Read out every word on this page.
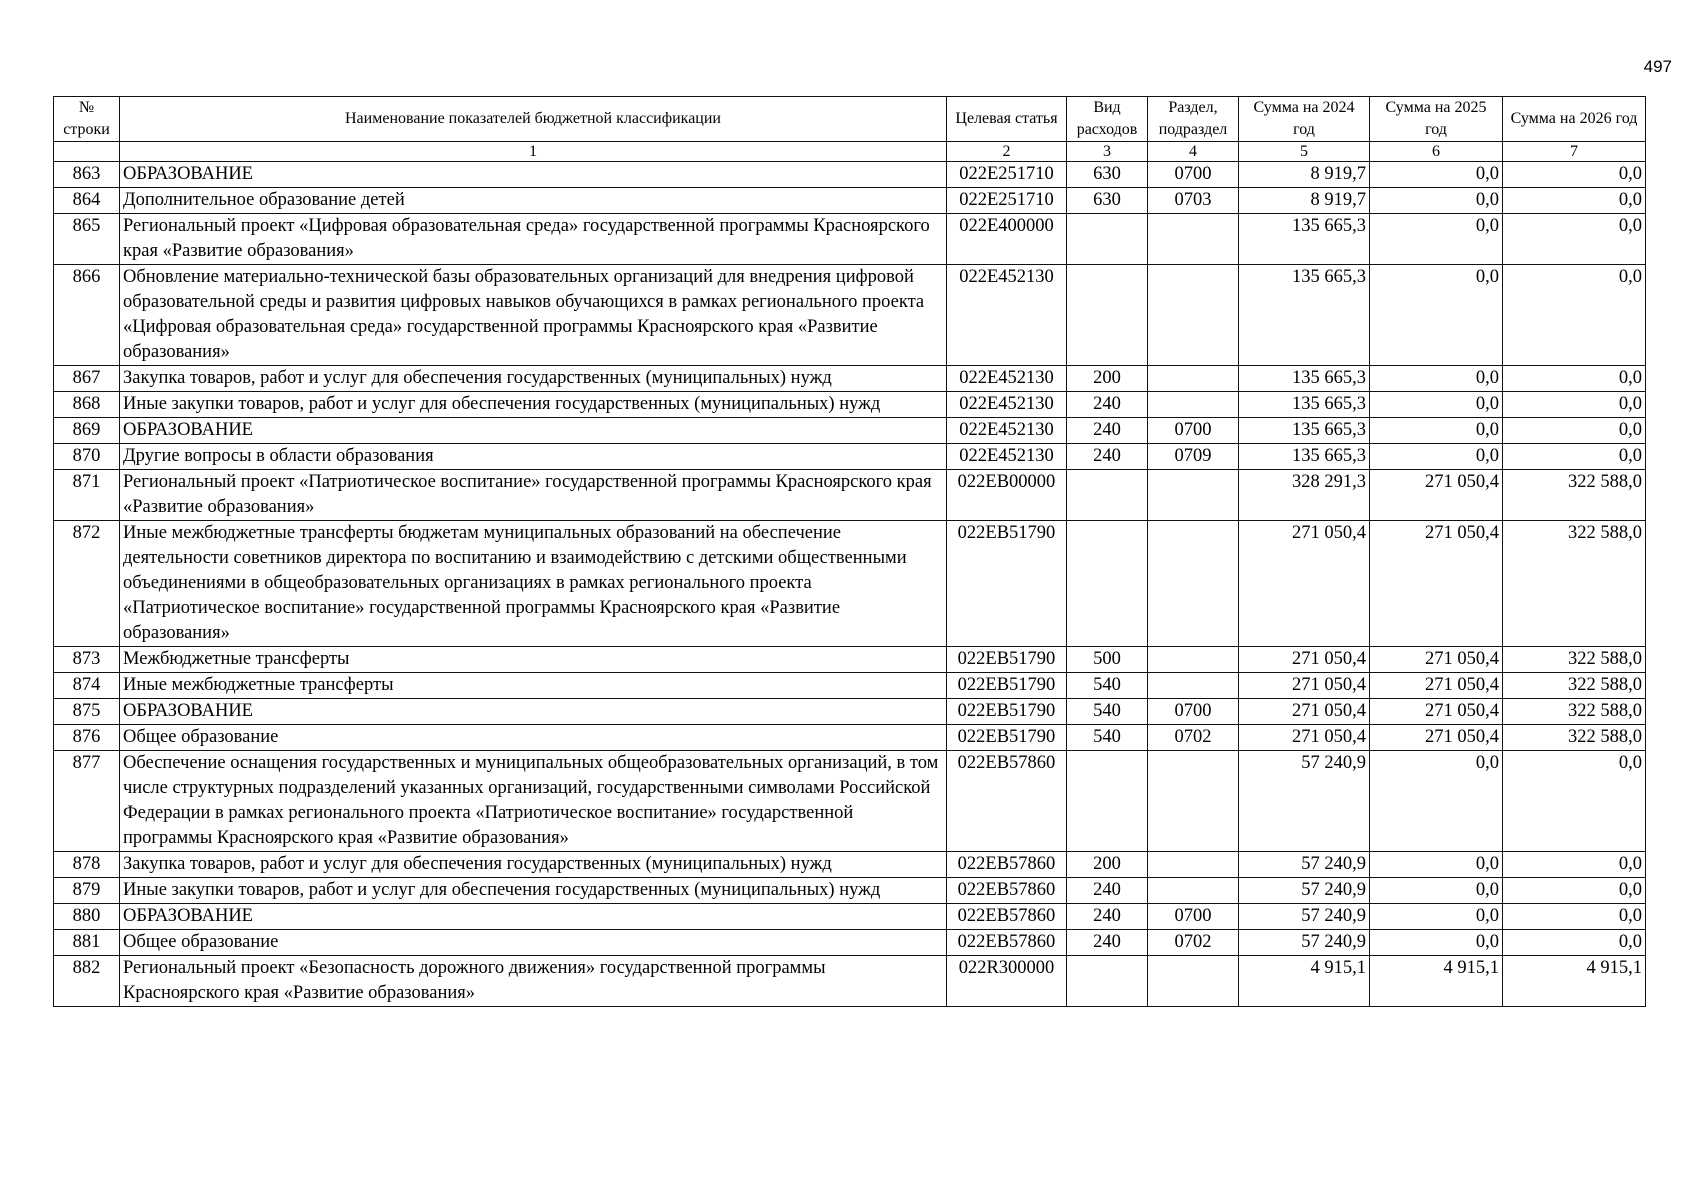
497
№ строки	Наименование показателей бюджетной классификации	Целевая статья	Вид расходов	Раздел, подраздел	Сумма на 2024 год	Сумма на 2025 год	Сумма на 2026 год
	1	2	3	4	5	6	7
863	ОБРАЗОВАНИЕ	022E251710	630	0700	8 919,7	0,0	0,0
864	Дополнительное образование детей	022E251710	630	0703	8 919,7	0,0	0,0
865	Региональный проект «Цифровая образовательная среда» государственной программы Красноярского края «Развитие образования»	022E400000			135 665,3	0,0	0,0
866	Обновление материально-технической базы образовательных организаций для внедрения цифровой образовательной среды и развития цифровых навыков обучающихся в рамках регионального проекта «Цифровая образовательная среда» государственной программы Красноярского края «Развитие образования»	022E452130			135 665,3	0,0	0,0
867	Закупка товаров, работ и услуг для обеспечения государственных (муниципальных) нужд	022E452130	200		135 665,3	0,0	0,0
868	Иные закупки товаров, работ и услуг для обеспечения государственных (муниципальных) нужд	022E452130	240		135 665,3	0,0	0,0
869	ОБРАЗОВАНИЕ	022E452130	240	0700	135 665,3	0,0	0,0
870	Другие вопросы в области образования	022E452130	240	0709	135 665,3	0,0	0,0
871	Региональный проект «Патриотическое воспитание» государственной программы Красноярского края «Развитие образования»	022EB00000			328 291,3	271 050,4	322 588,0
872	Иные межбюджетные трансферты бюджетам муниципальных образований на обеспечение деятельности советников директора по воспитанию и взаимодействию с детскими общественными объединениями в общеобразовательных организациях в рамках регионального проекта «Патриотическое воспитание» государственной программы Красноярского края «Развитие образования»	022EB51790			271 050,4	271 050,4	322 588,0
873	Межбюджетные трансферты	022EB51790	500		271 050,4	271 050,4	322 588,0
874	Иные межбюджетные трансферты	022EB51790	540		271 050,4	271 050,4	322 588,0
875	ОБРАЗОВАНИЕ	022EB51790	540	0700	271 050,4	271 050,4	322 588,0
876	Общее образование	022EB51790	540	0702	271 050,4	271 050,4	322 588,0
877	Обеспечение оснащения государственных и муниципальных общеобразовательных организаций, в том числе структурных подразделений указанных организаций, государственными символами Российской Федерации в рамках регионального проекта «Патриотическое воспитание» государственной программы Красноярского края «Развитие образования»	022EB57860			57 240,9	0,0	0,0
878	Закупка товаров, работ и услуг для обеспечения государственных (муниципальных) нужд	022EB57860	200		57 240,9	0,0	0,0
879	Иные закупки товаров, работ и услуг для обеспечения государственных (муниципальных) нужд	022EB57860	240		57 240,9	0,0	0,0
880	ОБРАЗОВАНИЕ	022EB57860	240	0700	57 240,9	0,0	0,0
881	Общее образование	022EB57860	240	0702	57 240,9	0,0	0,0
882	Региональный проект «Безопасность дорожного движения» государственной программы Красноярского края «Развитие образования»	022R300000			4 915,1	4 915,1	4 915,1
